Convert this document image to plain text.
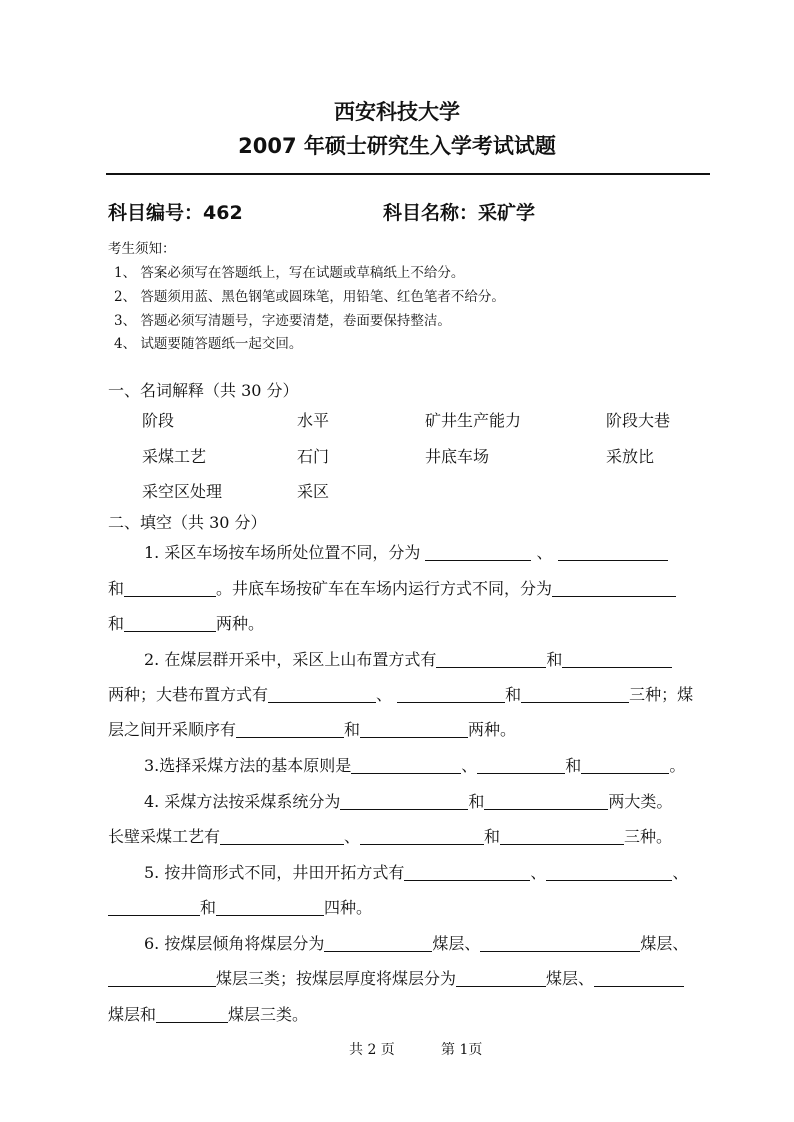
西安科技大学
2007 年硕士研究生入学考试试题
科目编号：462	科目名称：采矿学
考生须知：
1、 答案必须写在答题纸上，写在试题或草稿纸上不给分。
2、 答题须用蓝、黑色钢笔或圆珠笔，用铅笔、红色笔者不给分。
3、 答题必须写清题号，字迹要清楚，卷面要保持整洁。
4、 试题要随答题纸一起交回。
一、名词解释（共 30 分）
阶段	水平	矿井生产能力	阶段大巷
采煤工艺	石门	井底车场	采放比
采空区处理	采区
二、填空（共 30 分）
1. 采区车场按车场所处位置不同，分为	、
和	。井底车场按矿车在车场内运行方式不同，分为
和	两种。
2. 在煤层群开采中，采区上山布置方式有	和
两种；大巷布置方式有	、	和	三种；煤
层之间开采顺序有	和	两种。
3.选择采煤方法的基本原则是	、	和	。
4. 采煤方法按采煤系统分为	和	两大类。
长壁采煤工艺有	、	和	三种。
5. 按井筒形式不同，井田开拓方式有	、	、
和	四种。
6. 按煤层倾角将煤层分为	煤层、	煤层、
煤层三类；按煤层厚度将煤层分为	煤层、
煤层和	煤层三类。
共 2 页	第 1页
